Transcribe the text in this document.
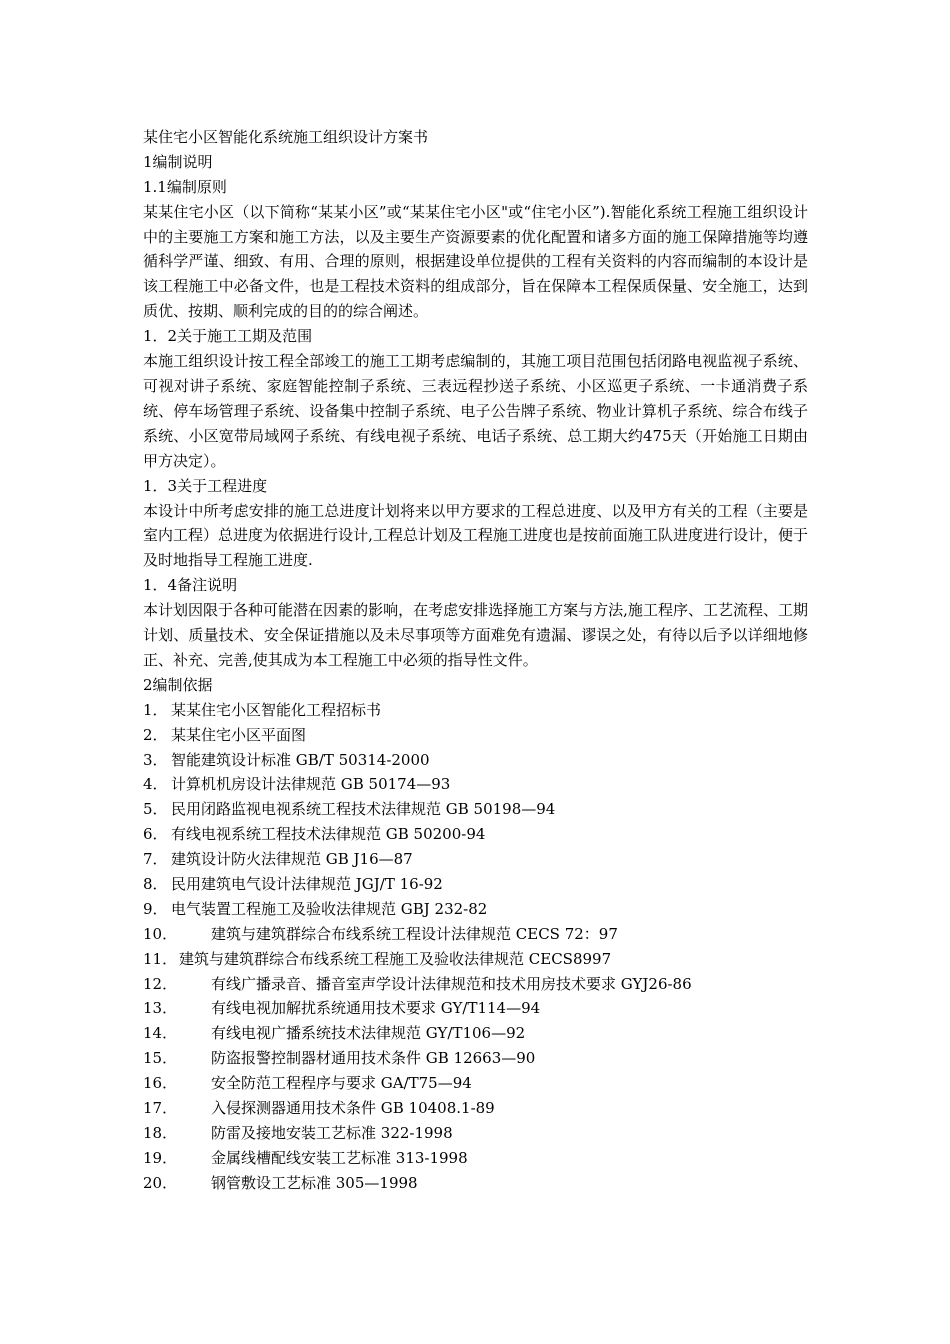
某住宅小区智能化系统施工组织设计方案书
1编制说明
1.1编制原则
某某住宅小区（以下简称“某某小区”或“某某住宅小区"或“住宅小区”).智能化系统工程施工组织设计中的主要施工方案和施工方法，以及主要生产资源要素的优化配置和诸多方面的施工保障措施等均遵循科学严谨、细致、有用、合理的原则，根据建设单位提供的工程有关资料的内容而编制的本设计是该工程施工中必备文件，也是工程技术资料的组成部分，旨在保障本工程保质保量、安全施工，达到质优、按期、顺利完成的目的的综合阐述。
1．2关于施工工期及范围
本施工组织设计按工程全部竣工的施工工期考虑编制的，其施工项目范围包括闭路电视监视子系统、可视对讲子系统、家庭智能控制子系统、三表远程抄送子系统、小区巡更子系统、一卡通消费子系统、停车场管理子系统、设备集中控制子系统、电子公告牌子系统、物业计算机子系统、综合布线子系统、小区宽带局域网子系统、有线电视子系统、电话子系统、总工期大约475天（开始施工日期由甲方决定）。
1．3关于工程进度
本设计中所考虑安排的施工总进度计划将来以甲方要求的工程总进度、以及甲方有关的工程（主要是室内工程）总进度为依据进行设计,工程总计划及工程施工进度也是按前面施工队进度进行设计，便于及时地指导工程施工进度.
1．4备注说明
本计划因限于各种可能潜在因素的影响，在考虑安排选择施工方案与方法,施工程序、工艺流程、工期计划、质量技术、安全保证措施以及未尽事项等方面难免有遗漏、谬误之处，有待以后予以详细地修正、补充、完善,使其成为本工程施工中必须的指导性文件。
2编制依据
1． 某某住宅小区智能化工程招标书
2． 某某住宅小区平面图
3． 智能建筑设计标准 GB/T 50314-2000
4． 计算机机房设计法律规范 GB 50174—93
5． 民用闭路监视电视系统工程技术法律规范 GB 50198—94
6． 有线电视系统工程技术法律规范 GB 50200-94
7． 建筑设计防火法律规范 GB J16—87
8． 民用建筑电气设计法律规范 JGJ/T 16-92
9． 电气装置工程施工及验收法律规范 GBJ 232-82
10． 建筑与建筑群综合布线系统工程设计法律规范 CECS 72：97
11． 建筑与建筑群综合布线系统工程施工及验收法律规范 CECS8997
12． 有线广播录音、播音室声学设计法律规范和技术用房技术要求 GYJ26-86
13． 有线电视加解扰系统通用技术要求 GY/T114—94
14． 有线电视广播系统技术法律规范 GY/T106—92
15． 防盗报警控制器材通用技术条件 GB 12663—90
16． 安全防范工程程序与要求 GA/T75—94
17． 入侵探测器通用技术条件 GB 10408.1-89
18． 防雷及接地安装工艺标准 322-1998
19． 金属线槽配线安装工艺标准 313-1998
20． 钢管敷设工艺标准 305—1998
